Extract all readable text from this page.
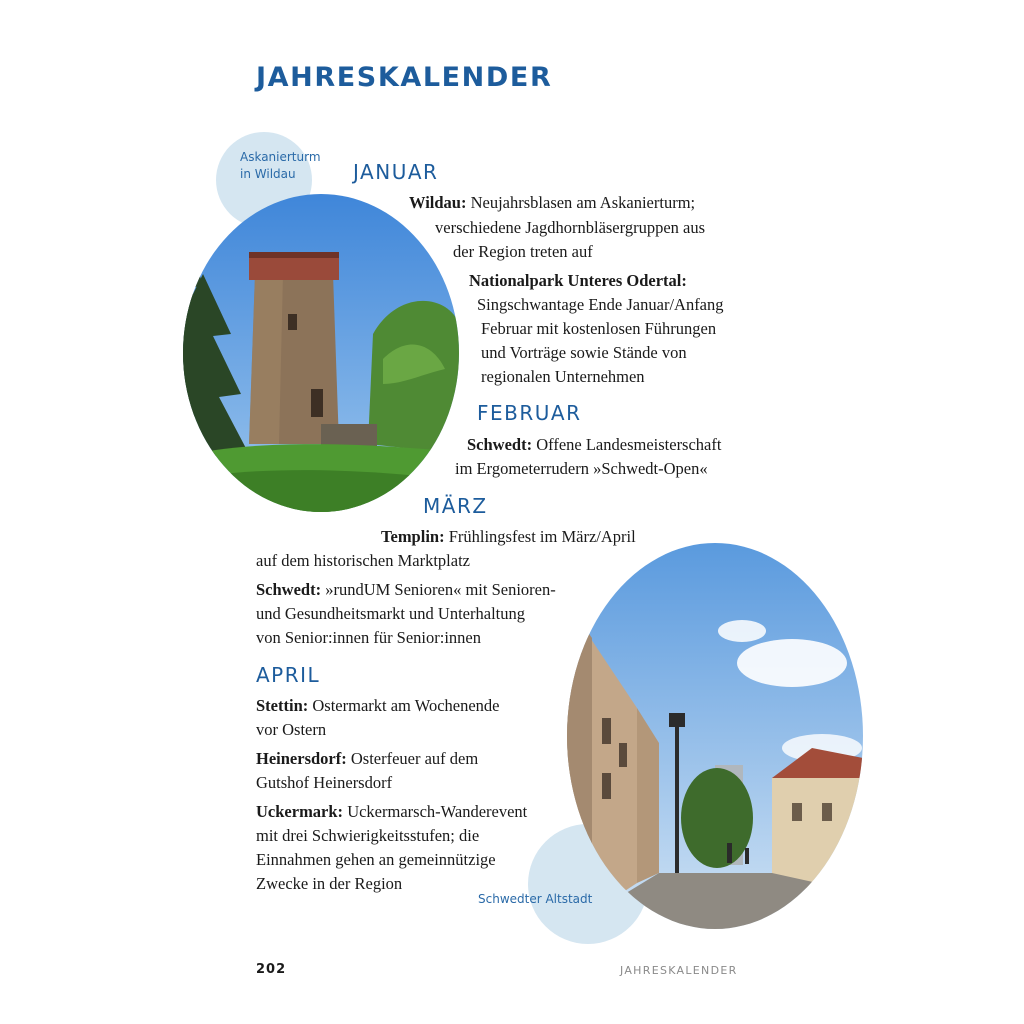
JAHRESKALENDER
Askanierturm
in Wildau
Schwedter Altstadt
JANUAR
Wildau: Neujahrsblasen am Askanierturm;
verschiedene Jagdhornbläsergruppen aus
der Region treten auf
Nationalpark Unteres Odertal:
Singschwantage Ende Januar/Anfang
Februar mit kostenlosen Führungen
und Vorträge sowie Stände von
regionalen Unternehmen
FEBRUAR
Schwedt: Offene Landesmeisterschaft
im Ergometerrudern »Schwedt-Open«
MÄRZ
Templin: Frühlingsfest im März/April
auf dem historischen Marktplatz
Schwedt: »rundUM Senioren« mit Senioren-
und Gesundheitsmarkt und Unterhaltung
von Senior:innen für Senior:innen
APRIL
Stettin: Ostermarkt am Wochenende
vor Ostern
Heinersdorf: Osterfeuer auf dem
Gutshof Heinersdorf
Uckermark: Uckermarsch-Wanderevent
mit drei Schwierigkeitsstufen; die
Einnahmen gehen an gemeinnützige
Zwecke in der Region
202	JAHRESKALENDER
